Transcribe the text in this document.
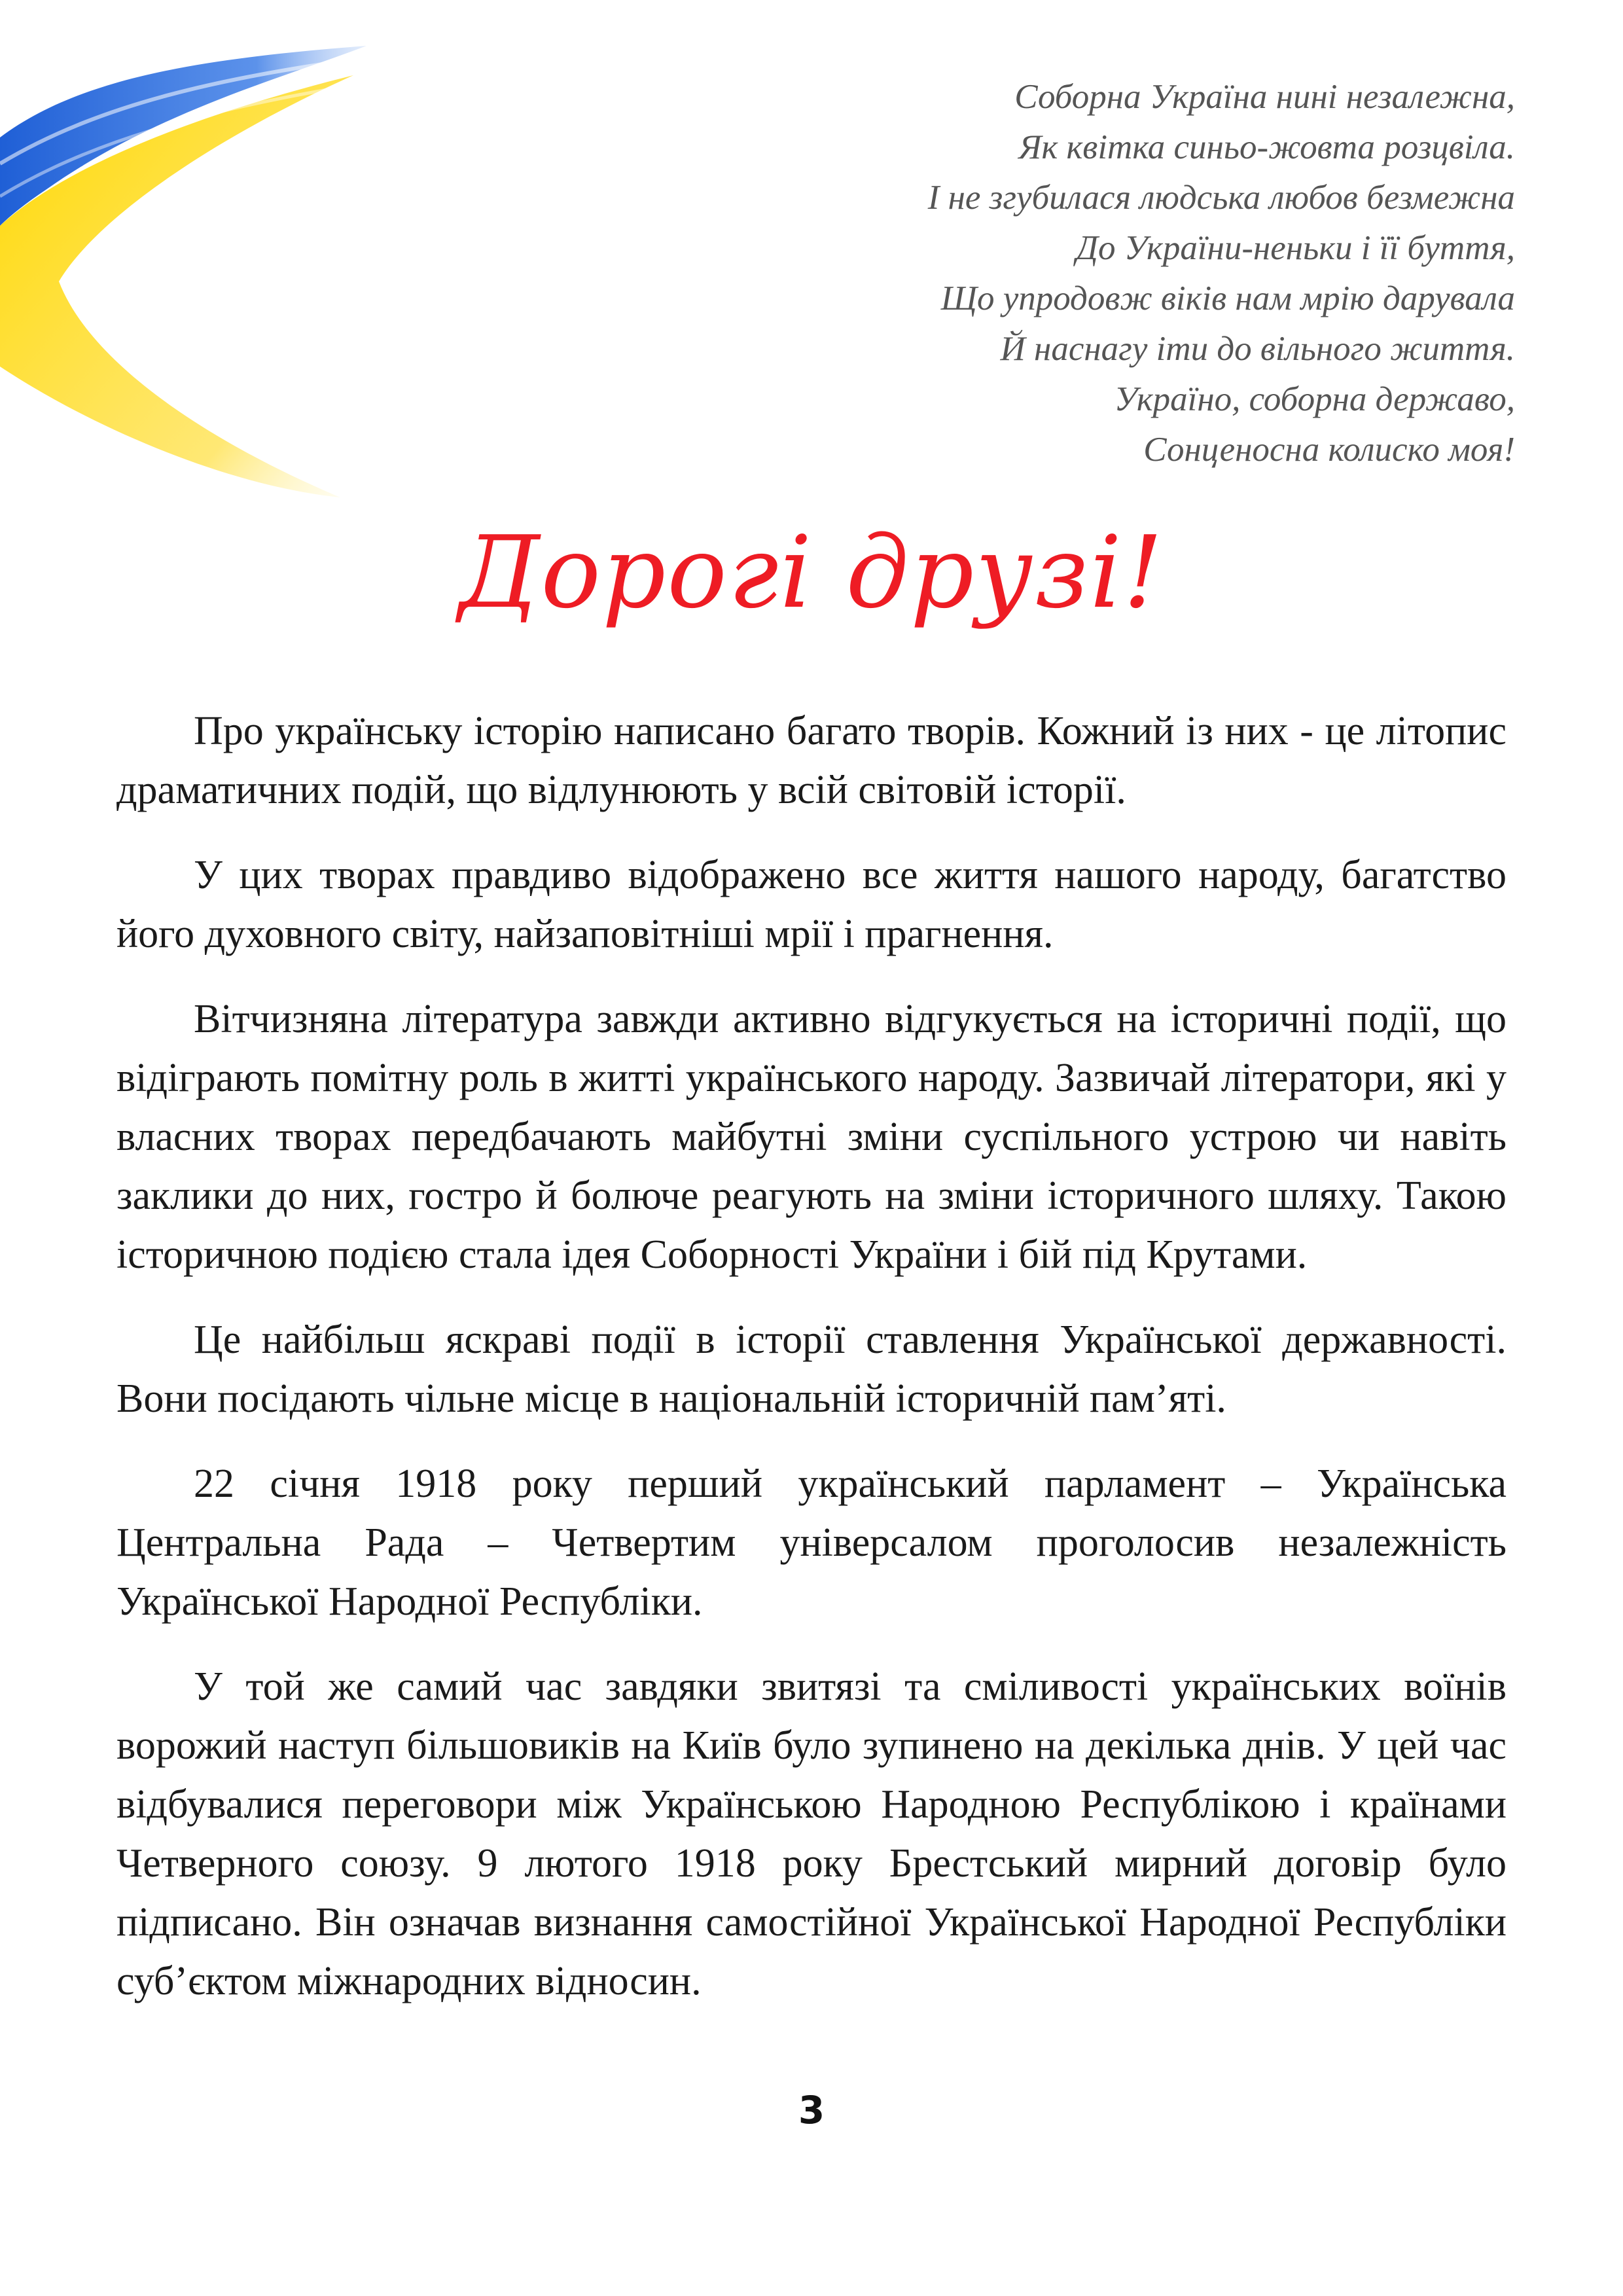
Соборна Україна нині незалежна,
Як квітка синьо-жовта розцвіла.
І не згубилася людська любов безмежна
До України-неньки і її буття,
Що упродовж віків нам мрію дарувала
Й наснагу іти до вільного життя.
Україно, соборна державо,
Сонценосна колиско моя!
Дорогі друзі!

Про українську історію написано багато творів. Кожний із них - це літопис драматичних подій, що відлунюють у всій світовій історії.

У цих творах правдиво відображено все життя нашого народу, багатство його духовного світу, найзаповітніші мрії і прагнення.

Вітчизняна література завжди активно відгукується на історичні події, що відіграють помітну роль в житті українського народу. Зазвичай літератори, які у власних творах передбачають майбутні зміни суспільного устрою чи навіть заклики до них, гостро й болюче реагують на зміни історичного шляху. Такою історичною подією стала ідея Соборності України і бій під Крутами.

Це найбільш яскраві події в історії ставлення Української державності. Вони посідають чільне місце в національній історичній пам’яті.

22 січня 1918 року перший український парламент – Українська Центральна Рада – Четвертим універсалом проголосив незалежність Української Народної Республіки.

У той же самий час завдяки звитязі та сміливості українських воїнів ворожий наступ більшовиків на Київ було зупинено на декілька днів. У цей час відбувалися переговори між Українською Народною Республікою і країнами Четверного союзу. 9 лютого 1918 року Брестський мирний договір було підписано. Він означав визнання самостійної Української Народної Республіки суб’єктом міжнародних відносин.

3
